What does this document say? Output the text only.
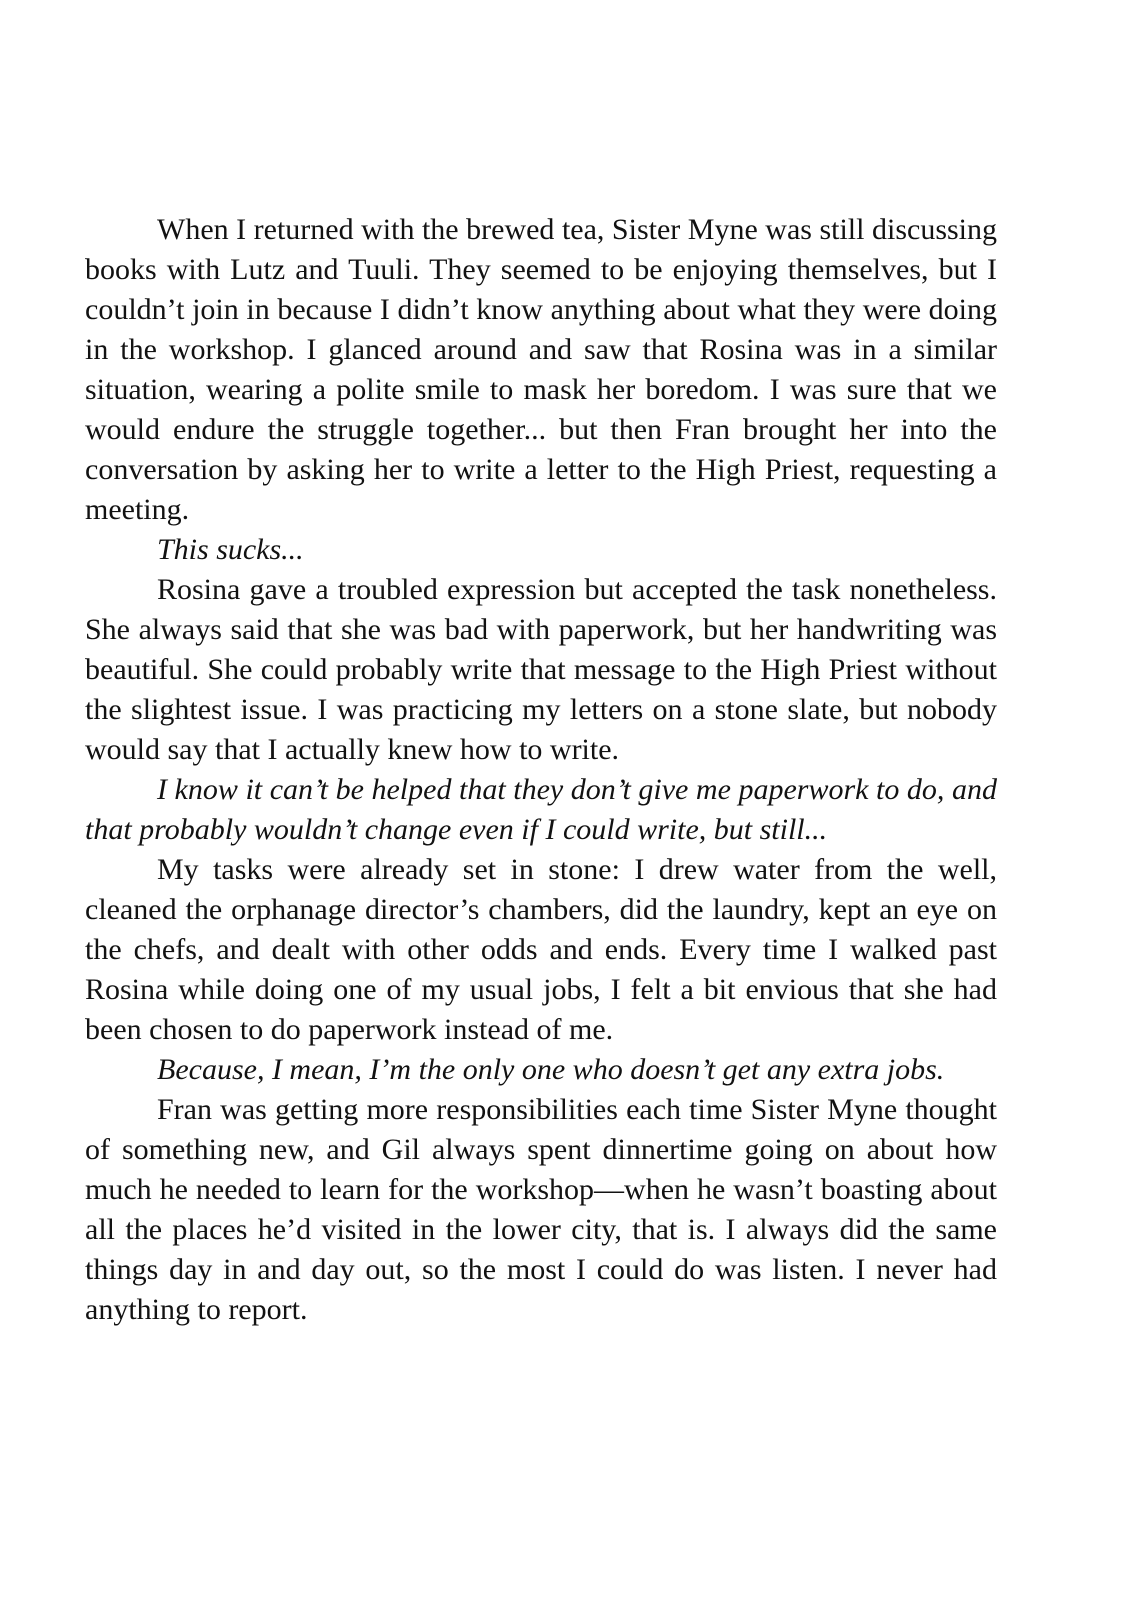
When I returned with the brewed tea, Sister Myne was still discussing books with Lutz and Tuuli. They seemed to be enjoying themselves, but I couldn’t join in because I didn’t know anything about what they were doing in the workshop. I glanced around and saw that Rosina was in a similar situation, wearing a polite smile to mask her boredom. I was sure that we would endure the struggle together... but then Fran brought her into the conversation by asking her to write a letter to the High Priest, requesting a meeting.

This sucks...

Rosina gave a troubled expression but accepted the task nonetheless. She always said that she was bad with paperwork, but her handwriting was beautiful. She could probably write that message to the High Priest without the slightest issue. I was practicing my letters on a stone slate, but nobody would say that I actually knew how to write.

I know it can’t be helped that they don’t give me paperwork to do, and that probably wouldn’t change even if I could write, but still...

My tasks were already set in stone: I drew water from the well, cleaned the orphanage director’s chambers, did the laundry, kept an eye on the chefs, and dealt with other odds and ends. Every time I walked past Rosina while doing one of my usual jobs, I felt a bit envious that she had been chosen to do paperwork instead of me.

Because, I mean, I’m the only one who doesn’t get any extra jobs.

Fran was getting more responsibilities each time Sister Myne thought of something new, and Gil always spent dinnertime going on about how much he needed to learn for the workshop—when he wasn’t boasting about all the places he’d visited in the lower city, that is. I always did the same things day in and day out, so the most I could do was listen. I never had anything to report.
